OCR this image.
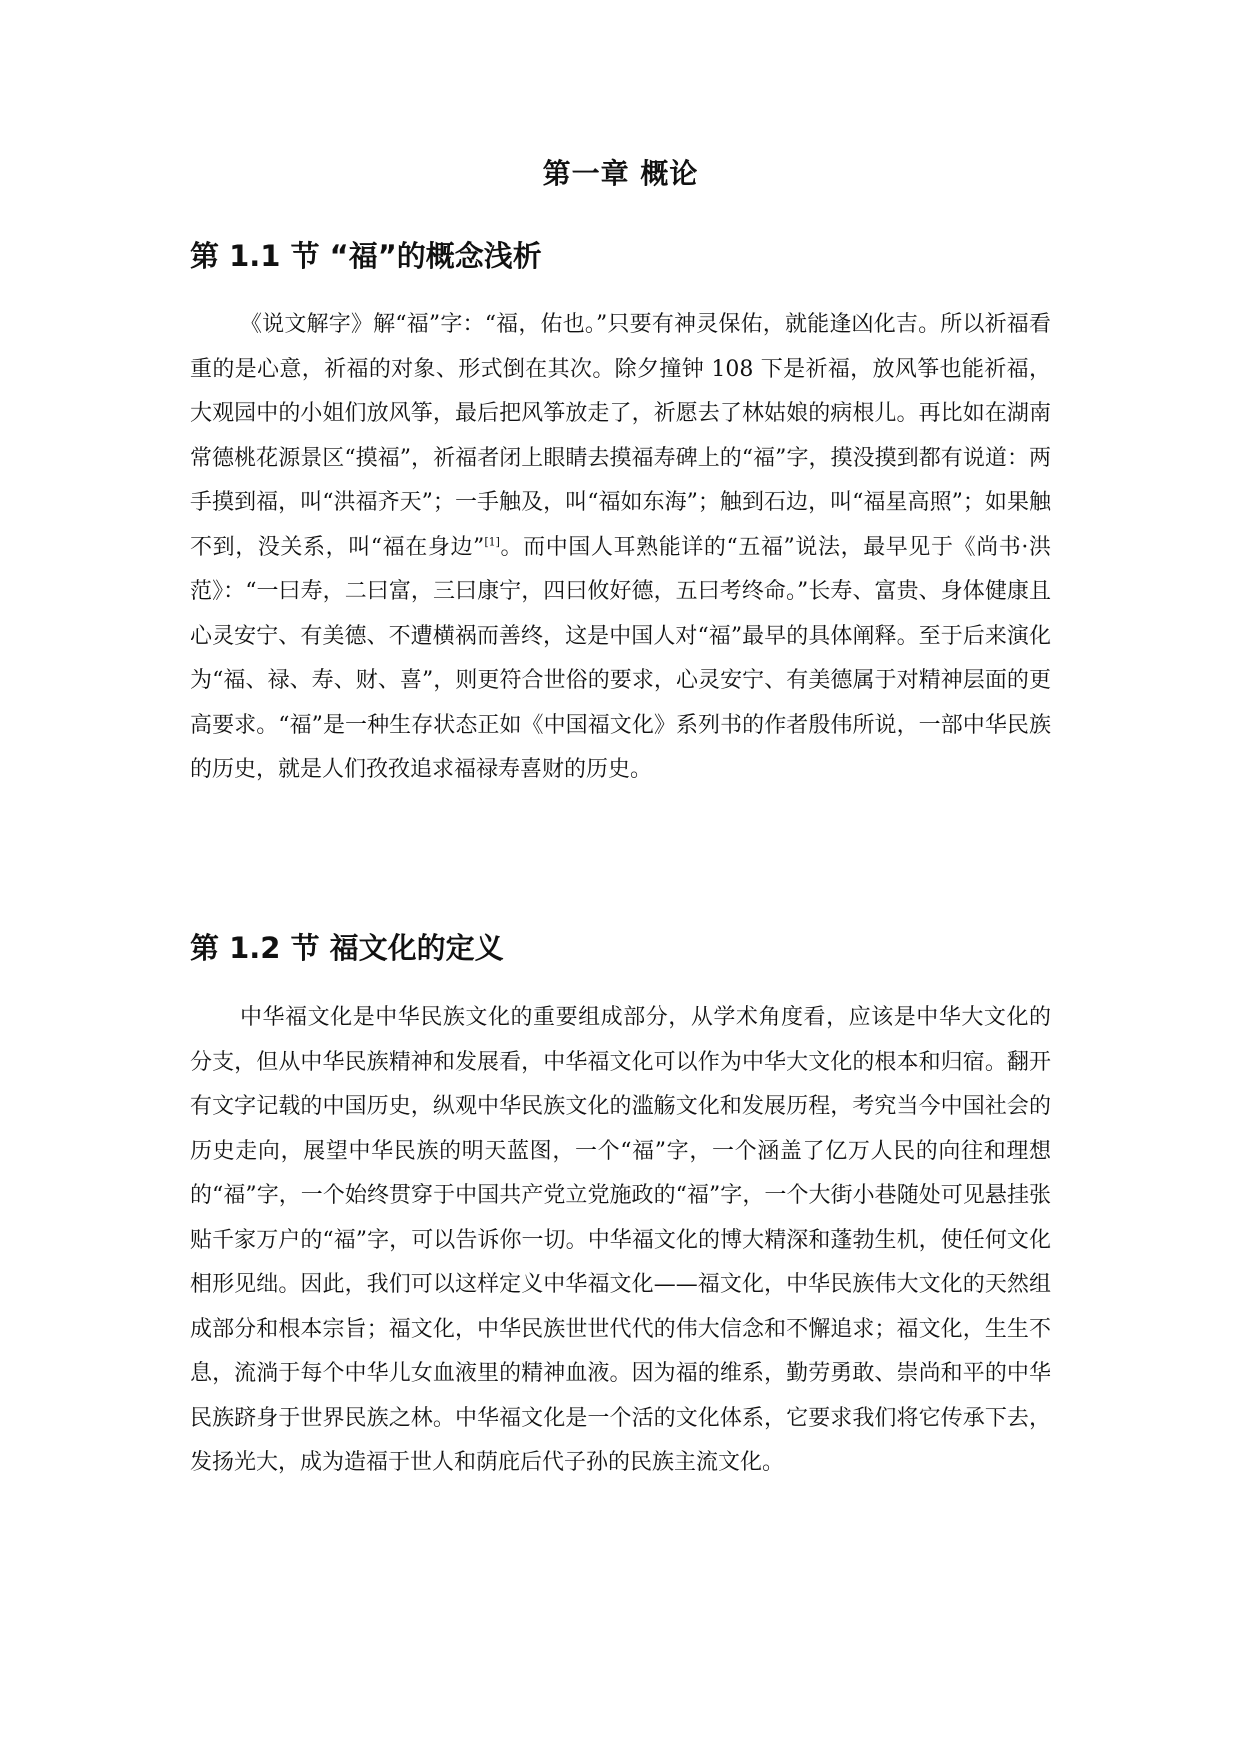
第一章 概论
第 1.1 节 “福”的概念浅析

《说文解字》解“福”字：“福，佑也。”只要有神灵保佑，就能逢凶化吉。所以祈福看重的是心意，祈福的对象、形式倒在其次。除夕撞钟 108 下是祈福，放风筝也能祈福，大观园中的小姐们放风筝，最后把风筝放走了，祈愿去了林姑娘的病根儿。再比如在湖南常德桃花源景区“摸福”，祈福者闭上眼睛去摸福寿碑上的“福”字，摸没摸到都有说道：两手摸到福，叫“洪福齐天”；一手触及，叫“福如东海”；触到石边，叫“福星高照”；如果触不到，没关系，叫“福在身边”[1]。而中国人耳熟能详的“五福”说法，最早见于《尚书·洪范》：“一曰寿，二曰富，三曰康宁，四曰攸好德，五曰考终命。”长寿、富贵、身体健康且心灵安宁、有美德、不遭横祸而善终，这是中国人对“福”最早的具体阐释。至于后来演化为“福、禄、寿、财、喜”，则更符合世俗的要求，心灵安宁、有美德属于对精神层面的更高要求。“福”是一种生存状态正如《中国福文化》系列书的作者殷伟所说，一部中华民族的历史，就是人们孜孜追求福禄寿喜财的历史。

第 1.2 节 福文化的定义

中华福文化是中华民族文化的重要组成部分，从学术角度看，应该是中华大文化的分支，但从中华民族精神和发展看，中华福文化可以作为中华大文化的根本和归宿。翻开有文字记载的中国历史，纵观中华民族文化的滥觞文化和发展历程，考究当今中国社会的历史走向，展望中华民族的明天蓝图，一个“福”字，一个涵盖了亿万人民的向往和理想的“福”字，一个始终贯穿于中国共产党立党施政的“福”字，一个大街小巷随处可见悬挂张贴千家万户的“福”字，可以告诉你一切。中华福文化的博大精深和蓬勃生机，使任何文化相形见绌。因此，我们可以这样定义中华福文化——福文化，中华民族伟大文化的天然组成部分和根本宗旨；福文化，中华民族世世代代的伟大信念和不懈追求；福文化，生生不息，流淌于每个中华儿女血液里的精神血液。因为福的维系，勤劳勇敢、崇尚和平的中华民族跻身于世界民族之林。中华福文化是一个活的文化体系，它要求我们将它传承下去，发扬光大，成为造福于世人和荫庇后代子孙的民族主流文化。
